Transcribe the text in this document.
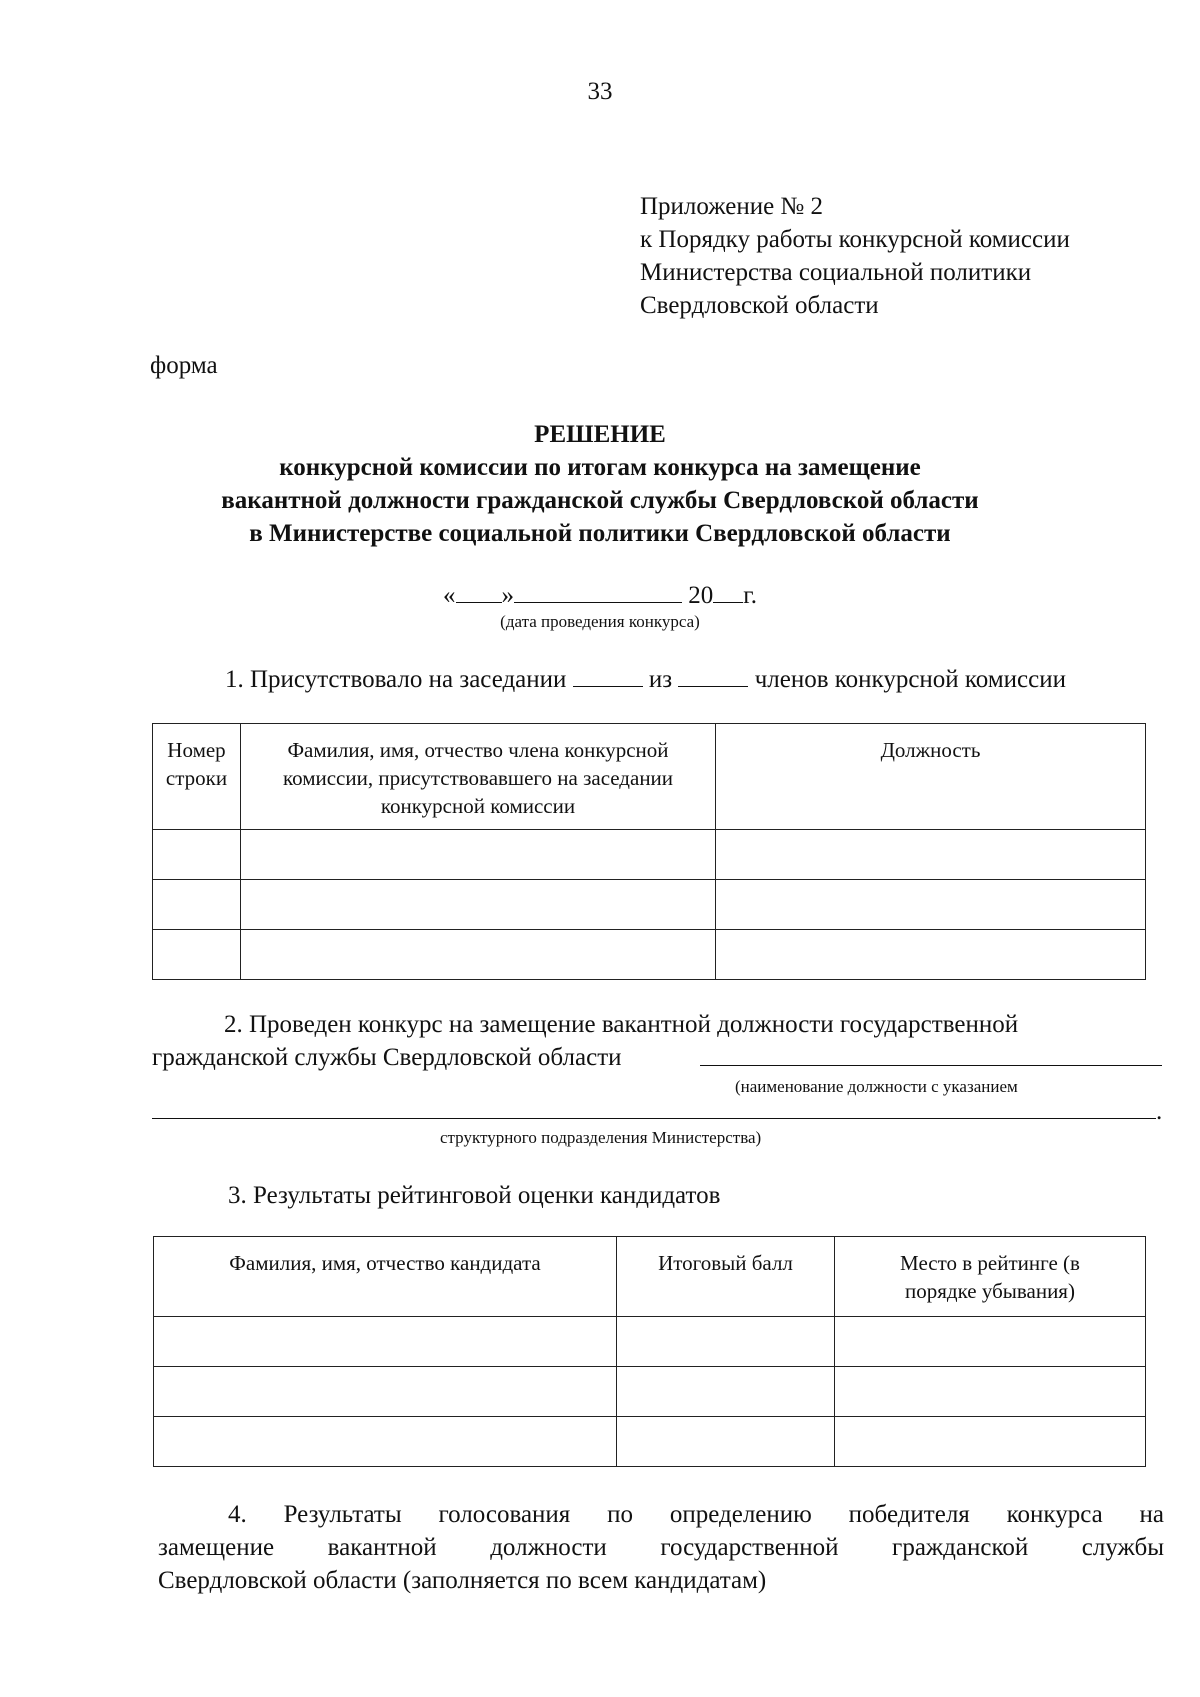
33
Приложение № 2
к Порядку работы конкурсной комиссии
Министерства социальной политики
Свердловской области
форма
РЕШЕНИЕ
конкурсной комиссии по итогам конкурса на замещение
вакантной должности гражданской службы Свердловской области
в Министерстве социальной политики Свердловской области
« »	20 г.
(дата проведения конкурса)
1. Присутствовало на заседании	из	членов конкурсной комиссии
Номер строки	Фамилия, имя, отчество члена конкурсной комиссии, присутствовавшего на заседании конкурсной комиссии	Должность

2. Проведен конкурс на замещение вакантной должности государственной
гражданской службы Свердловской области
(наименование должности с указанием
.
структурного подразделения Министерства)
3. Результаты рейтинговой оценки кандидатов
Фамилия, имя, отчество кандидата	Итоговый балл	Место в рейтинге (в порядке убывания)

4. Результаты голосования по определению победителя конкурса на
замещение вакантной должности государственной гражданской службы
Свердловской области (заполняется по всем кандидатам)
